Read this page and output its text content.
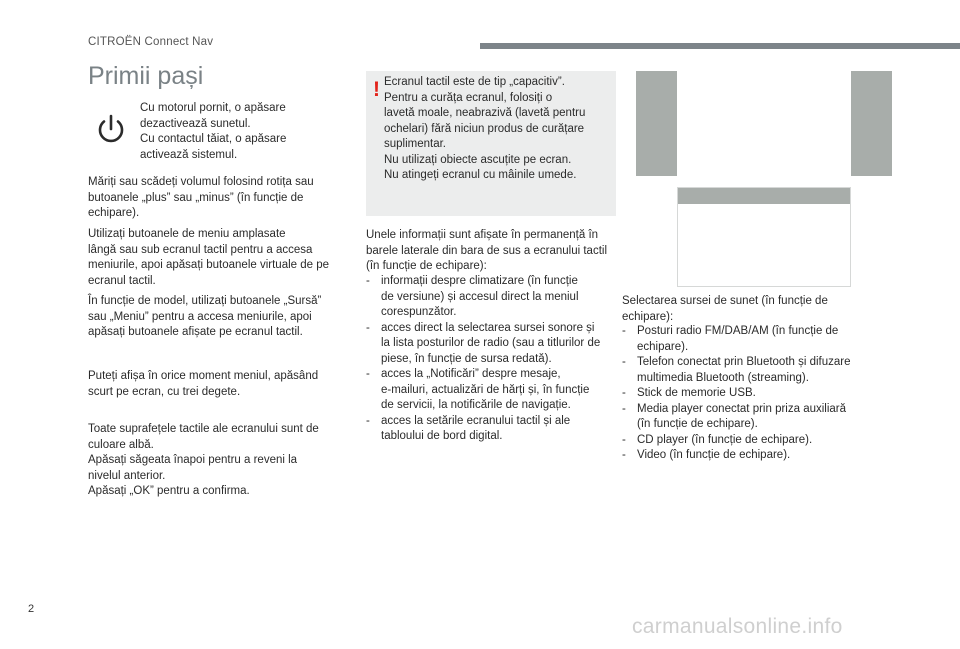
CITROËN Connect Nav
Primii pași
Cu motorul pornit, o apăsare
dezactivează sunetul.
Cu contactul tăiat, o apăsare
activează sistemul.
Măriți sau scădeți volumul folosind rotița sau
butoanele „plus” sau „minus” (în funcție de
echipare).
Utilizați butoanele de meniu amplasate
lângă sau sub ecranul tactil pentru a accesa
meniurile, apoi apăsați butoanele virtuale de pe
ecranul tactil.
În funcție de model, utilizați butoanele „Sursă”
sau „Meniu” pentru a accesa meniurile, apoi
apăsați butoanele afișate pe ecranul tactil.
Puteți afișa în orice moment meniul, apăsând
scurt pe ecran, cu trei degete.
Toate suprafețele tactile ale ecranului sunt de
culoare albă.
Apăsați săgeata înapoi pentru a reveni la
nivelul anterior.
Apăsați „OK” pentru a confirma.
! Ecranul tactil este de tip „capacitiv”.
Pentru a curăța ecranul, folosiți o
lavetă moale, neabrazivă (lavetă pentru
ochelari) fără niciun produs de curățare
suplimentar.
Nu utilizați obiecte ascuțite pe ecran.
Nu atingeți ecranul cu mâinile umede.
Unele informații sunt afișate în permanență în
barele laterale din bara de sus a ecranului tactil
(în funcție de echipare):
- informații despre climatizare (în funcție
de versiune) și accesul direct la meniul
corespunzător.
- acces direct la selectarea sursei sonore și
la lista posturilor de radio (sau a titlurilor de
piese, în funcție de sursa redată).
- acces la „Notificări” despre mesaje,
e-mailuri, actualizări de hărți și, în funcție
de servicii, la notificările de navigație.
- acces la setările ecranului tactil și ale
tabloului de bord digital.
Selectarea sursei de sunet (în funcție de
echipare):
- Posturi radio FM/DAB/AM (în funcție de
echipare).
- Telefon conectat prin Bluetooth și difuzare
multimedia Bluetooth (streaming).
- Stick de memorie USB.
- Media player conectat prin priza auxiliară
(în funcție de echipare).
- CD player (în funcție de echipare).
- Video (în funcție de echipare).
2
carmanualsonline.info
